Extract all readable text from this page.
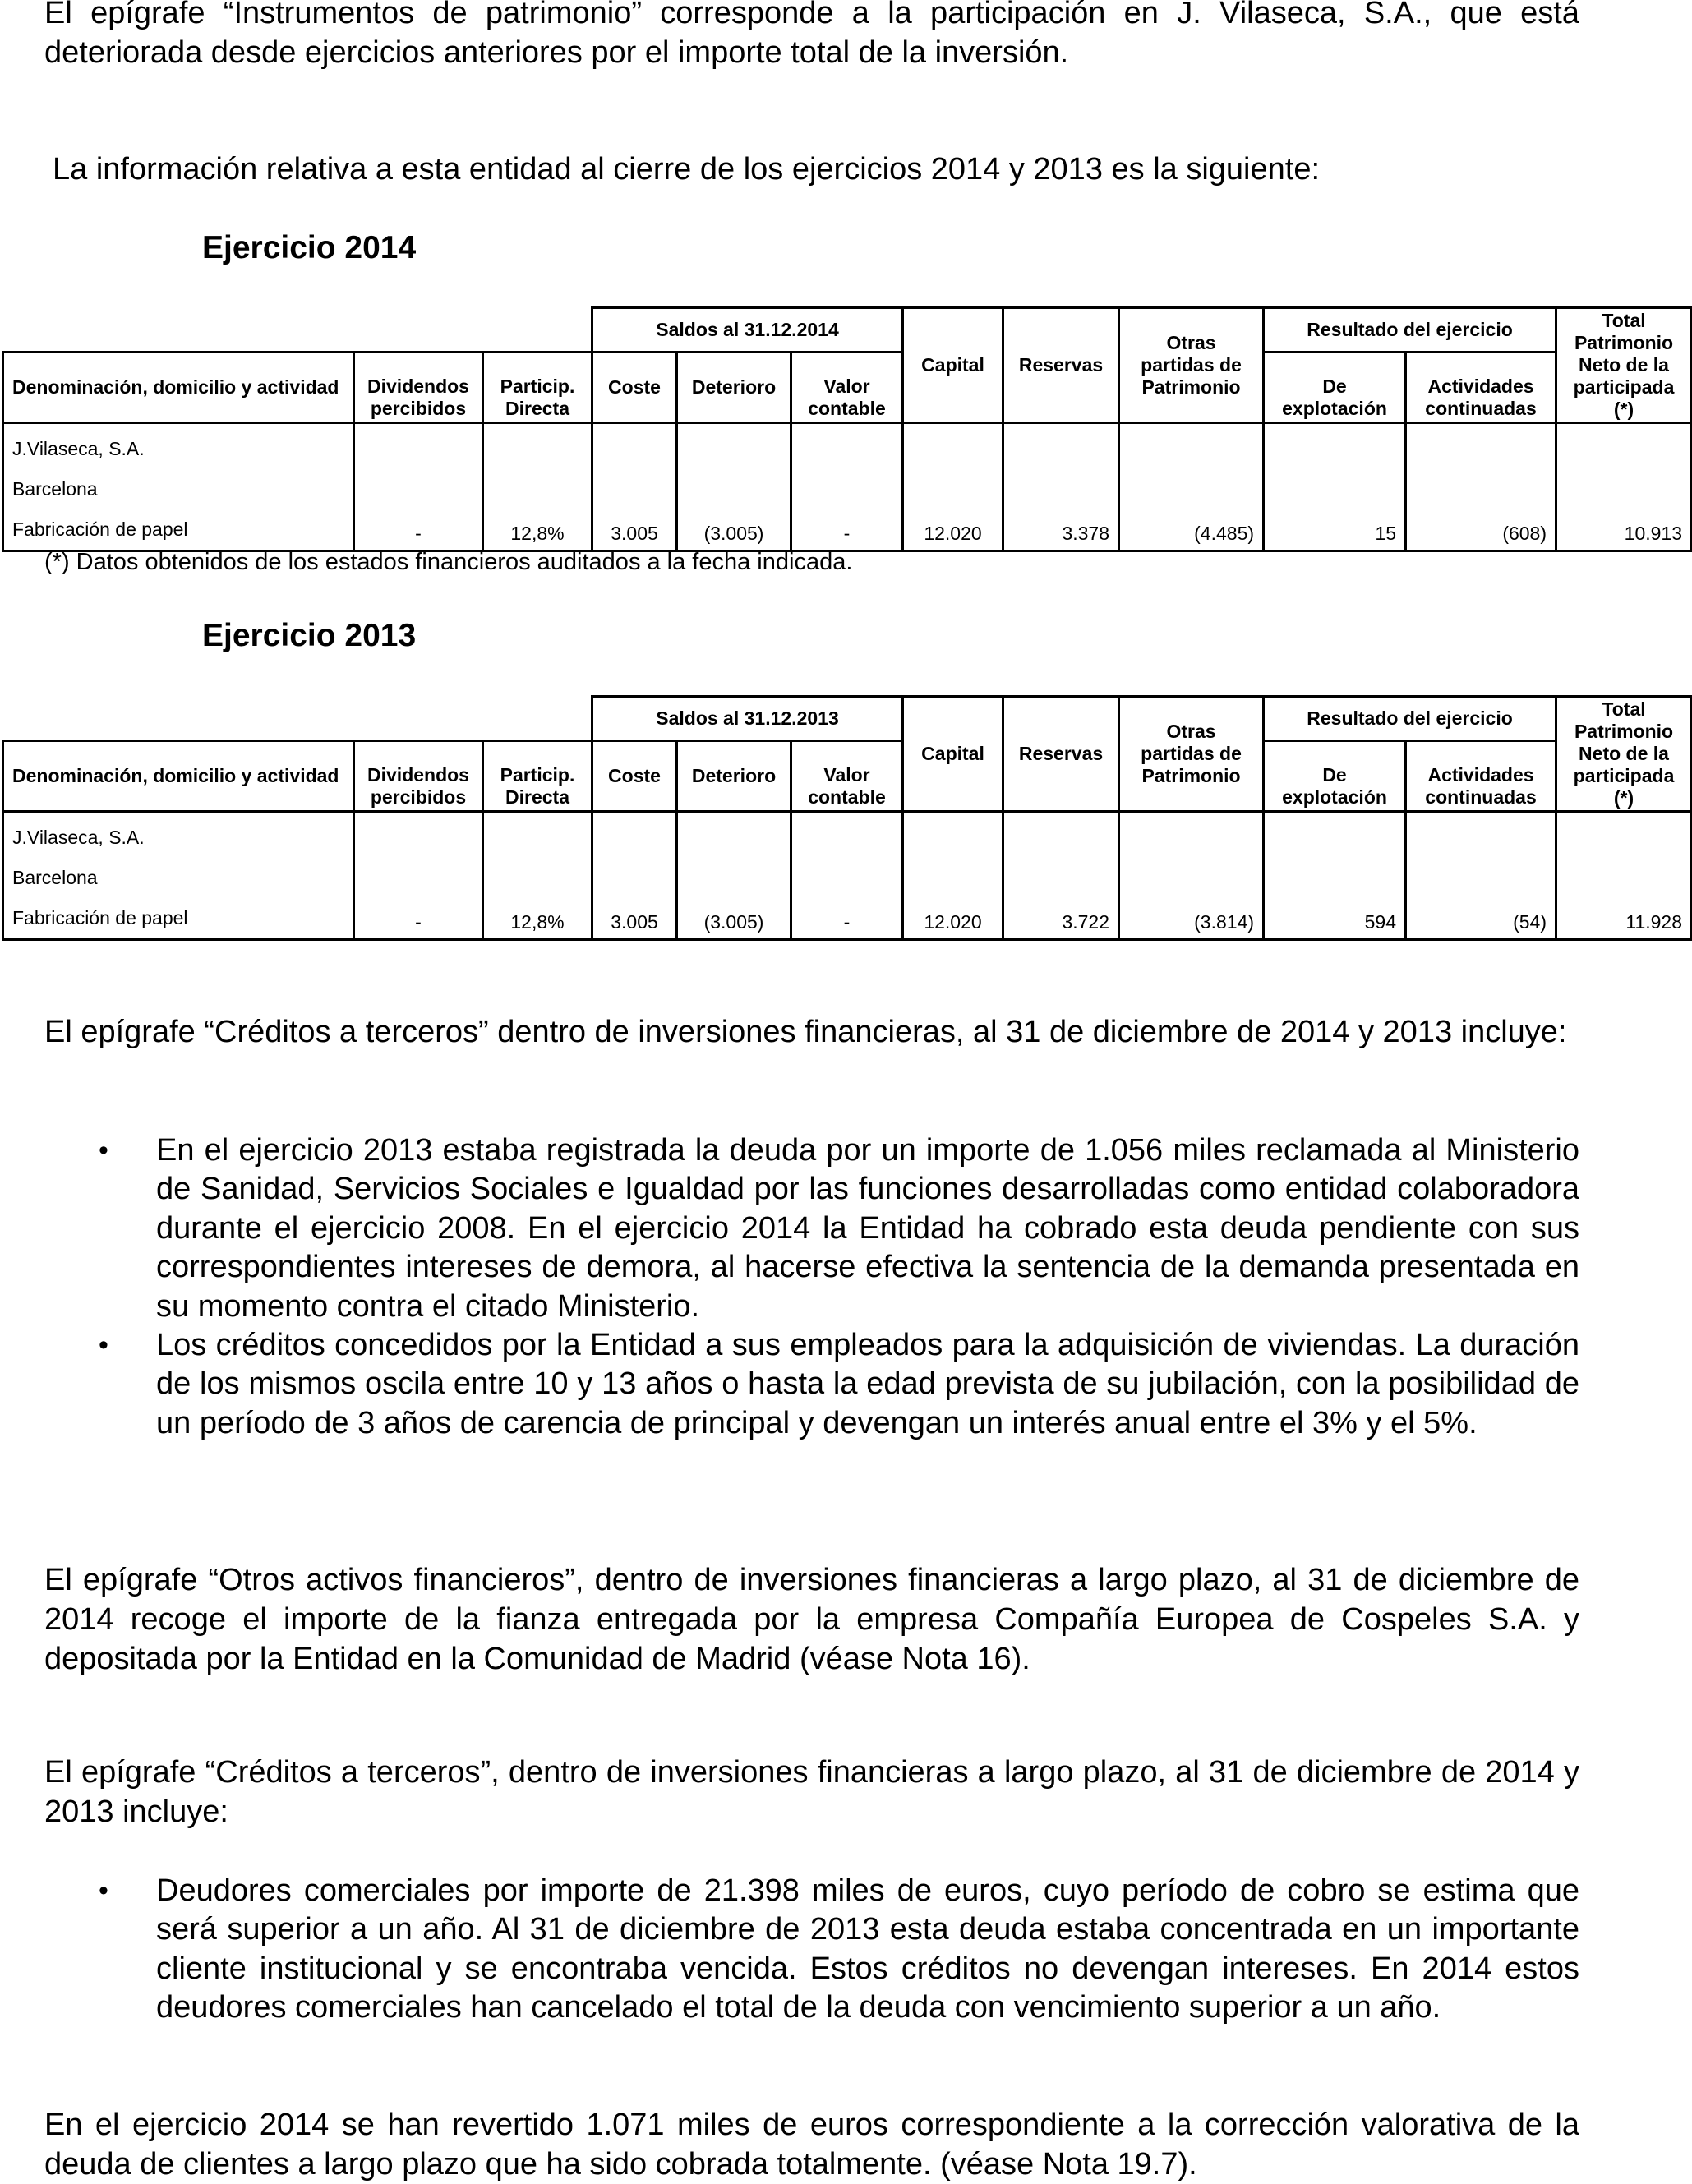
El epígrafe “Instrumentos de patrimonio” corresponde a la participación en J. Vilaseca, S.A., que está deteriorada desde ejercicios anteriores por el importe total de la inversión.

La información relativa a esta entidad al cierre de los ejercicios 2014 y 2013 es la siguiente:

Ejercicio 2014
			Saldos al 31.12.2014			Capital	Reservas	Otras partidas de Patrimonio	Resultado del ejercicio		Total Patrimonio Neto de la participada (*)
Denominación, domicilio y actividad	Dividendos percibidos	Particip. Directa	Coste	Deterioro	Valor contable				De explotación	Actividades continuadas	

J.Vilaseca, S.A.
Barcelona
Fabricación de papel	-	12,8%	3.005	(3.005)	-	12.020	3.378	(4.485)	15	(608)	10.913

(*) Datos obtenidos de los estados financieros auditados a la fecha indicada.

Ejercicio 2013
			Saldos al 31.12.2013			Capital	Reservas	Otras partidas de Patrimonio	Resultado del ejercicio		Total Patrimonio Neto de la participada (*)
Denominación, domicilio y actividad	Dividendos percibidos	Particip. Directa	Coste	Deterioro	Valor contable				De explotación	Actividades continuadas	

J.Vilaseca, S.A.
Barcelona
Fabricación de papel	-	12,8%	3.005	(3.005)	-	12.020	3.722	(3.814)	594	(54)	11.928

El epígrafe “Créditos a terceros” dentro de inversiones financieras, al 31 de diciembre de 2014 y 2013 incluye:

• En el ejercicio 2013 estaba registrada la deuda por un importe de 1.056 miles reclamada al Ministerio de Sanidad, Servicios Sociales e Igualdad por las funciones desarrolladas como entidad colaboradora durante el ejercicio 2008. En el ejercicio 2014 la Entidad ha cobrado esta deuda pendiente con sus correspondientes intereses de demora, al hacerse efectiva la sentencia de la demanda presentada en su momento contra el citado Ministerio.
• Los créditos concedidos por la Entidad a sus empleados para la adquisición de viviendas. La duración de los mismos oscila entre 10 y 13 años o hasta la edad prevista de su jubilación, con la posibilidad de un período de 3 años de carencia de principal y devengan un interés anual entre el 3% y el 5%.

El epígrafe “Otros activos financieros”, dentro de inversiones financieras a largo plazo, al 31 de diciembre de 2014 recoge el importe de la fianza entregada por la empresa Compañía Europea de Cospeles S.A. y depositada por la Entidad en la Comunidad de Madrid (véase Nota 16).

El epígrafe “Créditos a terceros”, dentro de inversiones financieras a largo plazo, al 31 de diciembre de 2014 y 2013 incluye:

• Deudores comerciales por importe de 21.398 miles de euros, cuyo período de cobro se estima que será superior a un año. Al 31 de diciembre de 2013 esta deuda estaba concentrada en un importante cliente institucional y se encontraba vencida. Estos créditos no devengan intereses. En 2014 estos deudores comerciales han cancelado el total de la deuda con vencimiento superior a un año.

En el ejercicio 2014 se han revertido 1.071 miles de euros correspondiente a la corrección valorativa de la deuda de clientes a largo plazo que ha sido cobrada totalmente. (véase Nota 19.7).
